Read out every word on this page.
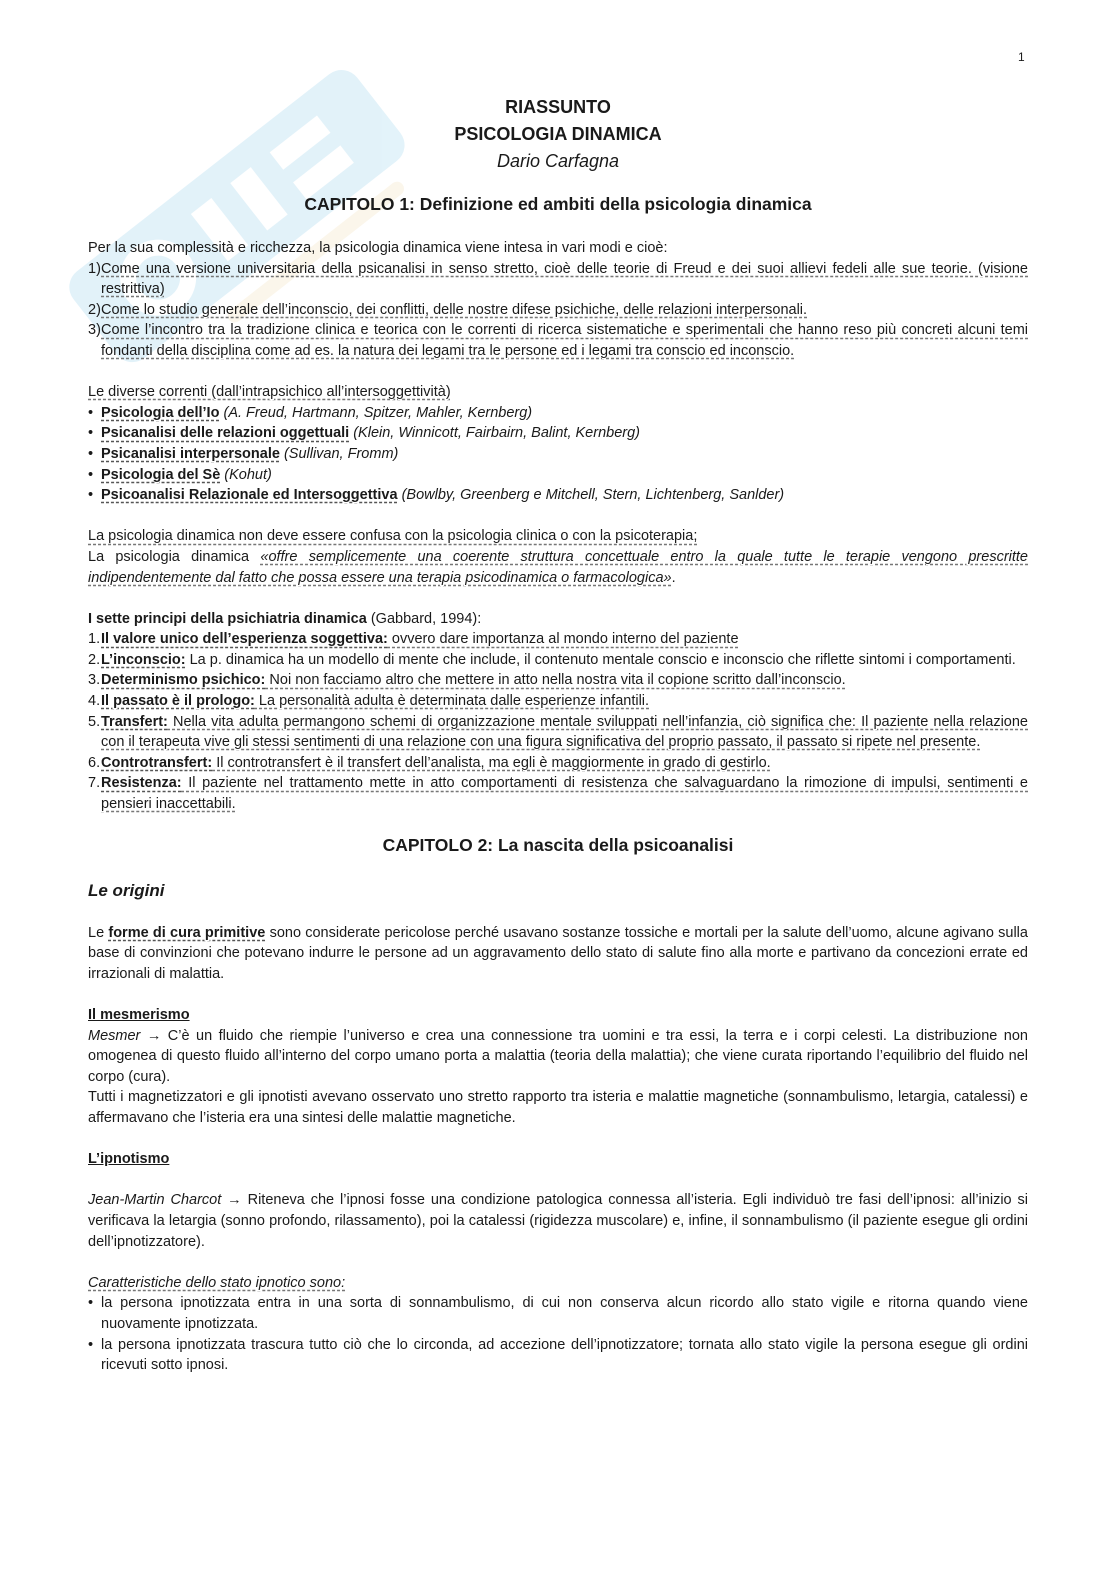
1
RIASSUNTO
PSICOLOGIA DINAMICA
Dario Carfagna
CAPITOLO 1: Definizione ed ambiti della psicologia dinamica

Per la sua complessità e ricchezza, la psicologia dinamica viene intesa in vari modi e cioè:

1) Come una versione universitaria della psicanalisi in senso stretto, cioè delle teorie di Freud e dei suoi allievi fedeli alle sue teorie. (visione restrittiva)
2) Come lo studio generale dell’inconscio, dei conflitti, delle nostre difese psichiche, delle relazioni interpersonali.
3) Come l’incontro tra la tradizione clinica e teorica con le correnti di ricerca sistematiche e sperimentali che hanno reso più concreti alcuni temi fondanti della disciplina come ad es. la natura dei legami tra le persone ed i legami tra conscio ed inconscio.

Le diverse correnti (dall’intrapsichico all’intersoggettività)

• Psicologia dell’Io (A. Freud, Hartmann, Spitzer, Mahler, Kernberg)
• Psicanalisi delle relazioni oggettuali (Klein, Winnicott, Fairbairn, Balint, Kernberg)
• Psicanalisi interpersonale (Sullivan, Fromm)
• Psicologia del Sè (Kohut)
• Psicoanalisi Relazionale ed Intersoggettiva (Bowlby, Greenberg e Mitchell, Stern, Lichtenberg, Sanlder)

La psicologia dinamica non deve essere confusa con la psicologia clinica o con la psicoterapia;

La psicologia dinamica «offre semplicemente una coerente struttura concettuale entro la quale tutte le terapie vengono prescritte indipendentemente dal fatto che possa essere una terapia psicodinamica o farmacologica».

I sette principi della psichiatria dinamica (Gabbard, 1994):

1. Il valore unico dell’esperienza soggettiva: ovvero dare importanza al mondo interno del paziente
2. L’inconscio: La p. dinamica ha un modello di mente che include, il contenuto mentale conscio e inconscio che riflette sintomi i comportamenti.
3. Determinismo psichico: Noi non facciamo altro che mettere in atto nella nostra vita il copione scritto dall’inconscio.
4. Il passato è il prologo: La personalità adulta è determinata dalle esperienze infantili.
5. Transfert: Nella vita adulta permangono schemi di organizzazione mentale sviluppati nell’infanzia, ciò significa che: Il paziente nella relazione con il terapeuta vive gli stessi sentimenti di una relazione con una figura significativa del proprio passato, il passato si ripete nel presente.
6. Controtransfert: Il controtransfert è il transfert dell’analista, ma egli è maggiormente in grado di gestirlo.
7. Resistenza: Il paziente nel trattamento mette in atto comportamenti di resistenza che salvaguardano la rimozione di impulsi, sentimenti e pensieri inaccettabili.
CAPITOLO 2: La nascita della psicoanalisi
Le origini

Le forme di cura primitive sono considerate pericolose perché usavano sostanze tossiche e mortali per la salute dell’uomo, alcune agivano sulla base di convinzioni che potevano indurre le persone ad un aggravamento dello stato di salute fino alla morte e partivano da concezioni errate ed irrazionali di malattia.

Il mesmerismo

Mesmer → C’è un fluido che riempie l’universo e crea una connessione tra uomini e tra essi, la terra e i corpi celesti. La distribuzione non omogenea di questo fluido all’interno del corpo umano porta a malattia (teoria della malattia); che viene curata riportando l’equilibrio del fluido nel corpo (cura).

Tutti i magnetizzatori e gli ipnotisti avevano osservato uno stretto rapporto tra isteria e malattie magnetiche (sonnambulismo, letargia, catalessi) e affermavano che l’isteria era una sintesi delle malattie magnetiche.

L’ipnotismo

Jean-Martin Charcot → Riteneva che l’ipnosi fosse una condizione patologica connessa all’isteria. Egli individuò tre fasi dell’ipnosi: all’inizio si verificava la letargia (sonno profondo, rilassamento), poi la catalessi (rigidezza muscolare) e, infine, il sonnambulismo (il paziente esegue gli ordini dell’ipnotizzatore).

Caratteristiche dello stato ipnotico sono:

• la persona ipnotizzata entra in una sorta di sonnambulismo, di cui non conserva alcun ricordo allo stato vigile e ritorna quando viene nuovamente ipnotizzata.
• la persona ipnotizzata trascura tutto ciò che lo circonda, ad accezione dell’ipnotizzatore; tornata allo stato vigile la persona esegue gli ordini ricevuti sotto ipnosi.
